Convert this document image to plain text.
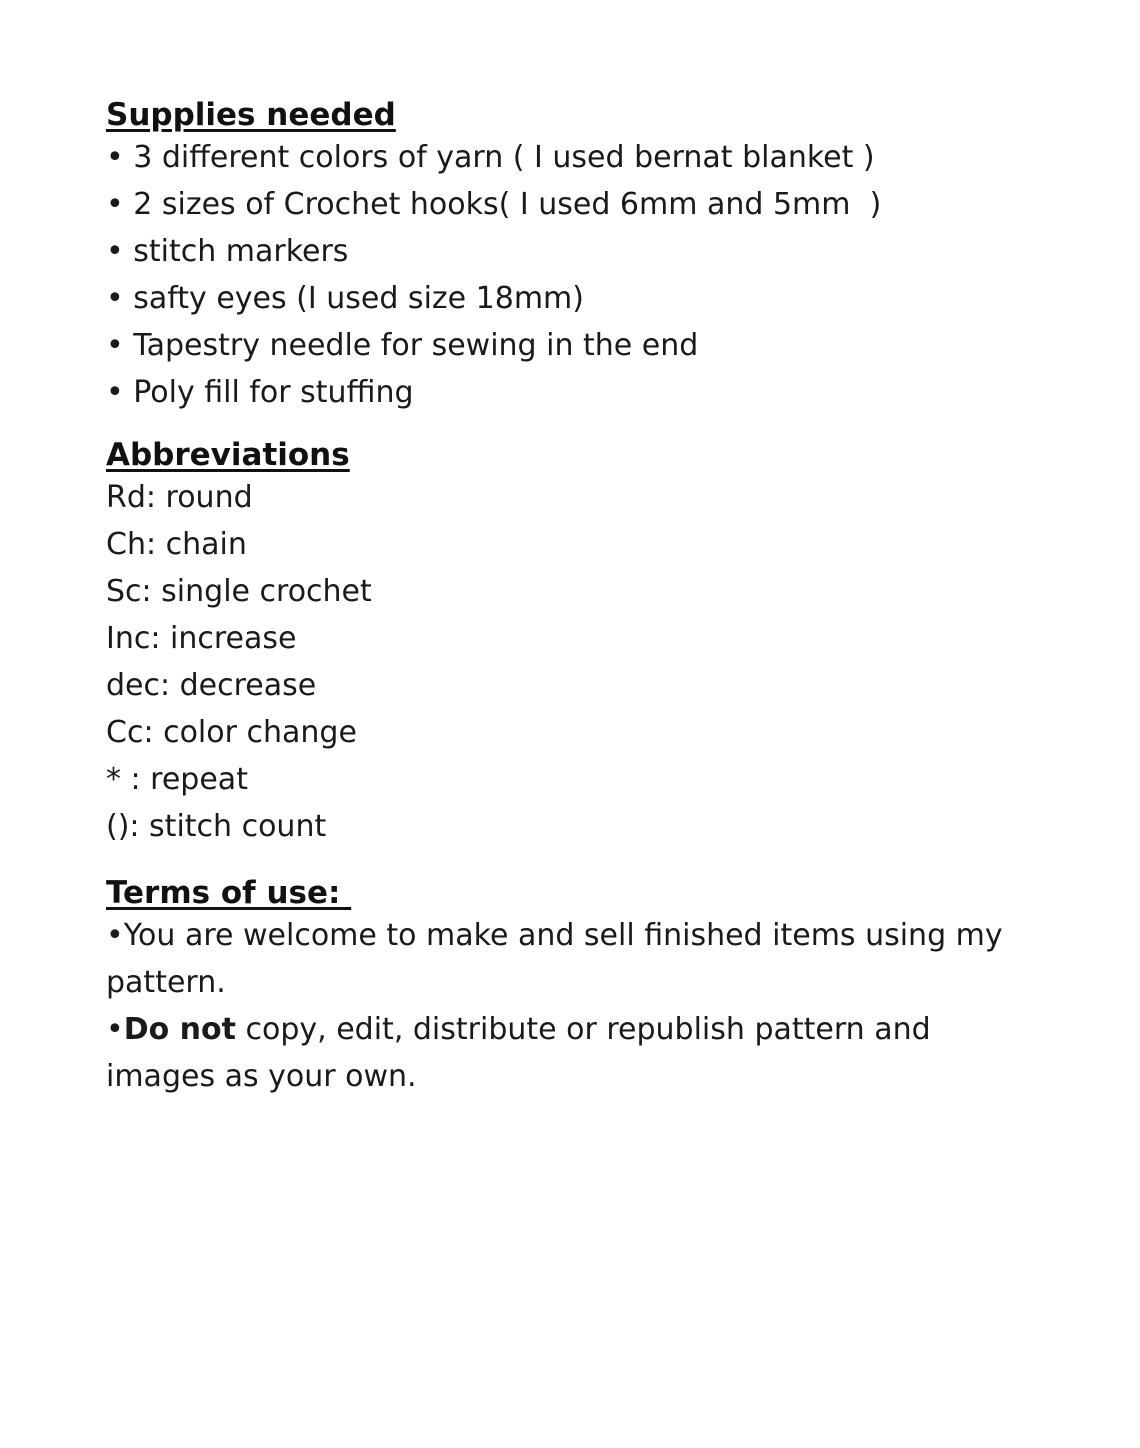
Supplies needed

• 3 different colors of yarn ( I used bernat blanket )

• 2 sizes of Crochet hooks( I used 6mm and 5mm  )

• stitch markers

• safty eyes (I used size 18mm)

• Tapestry needle for sewing in the end

• Poly fill for stuffing

Abbreviations

Rd: round

Ch: chain

Sc: single crochet

Inc: increase

dec: decrease

Cc: color change

* : repeat

(): stitch count

Terms of use:

•You are welcome to make and sell finished items using my pattern.

•Do not copy, edit, distribute or republish pattern and images as your own.
